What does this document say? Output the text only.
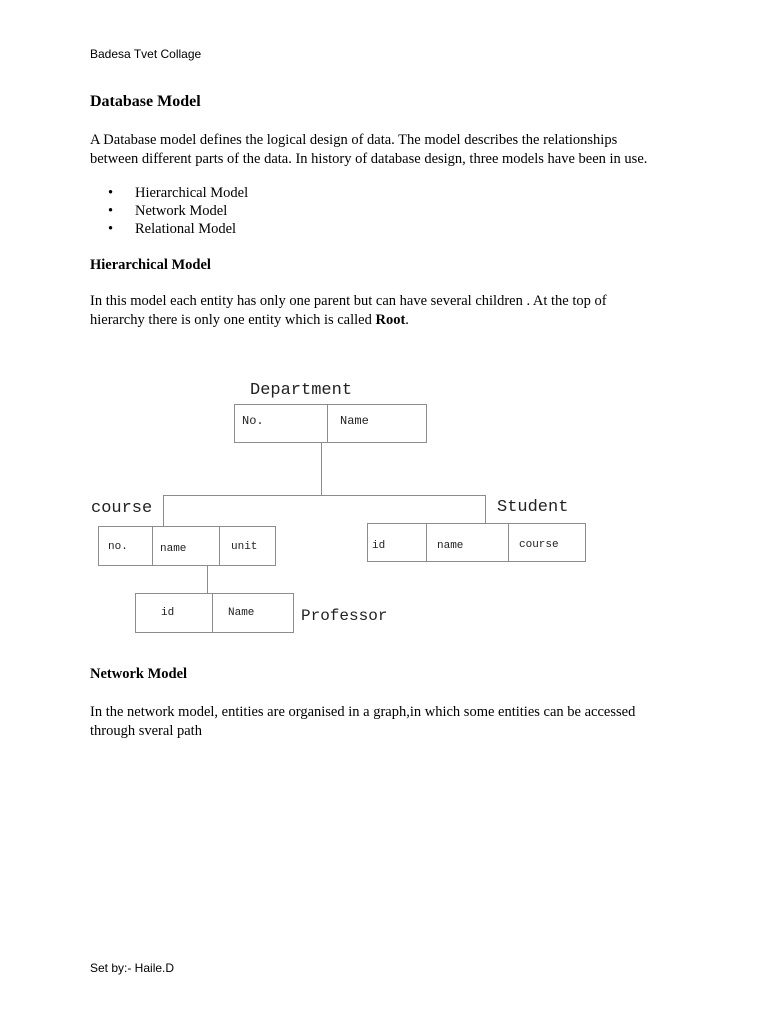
Badesa Tvet Collage
Database Model
A Database model defines the logical design of data. The model describes the relationships
between different parts of the data. In history of database design, three models have been in use.
• Hierarchical Model
• Network Model
• Relational Model
Hierarchical Model
In this model each entity has only one parent but can have several children . At the top of
hierarchy there is only one entity which is called Root.
Department
No.	Name
course
no.	name	unit
Student
id	name	course
id	Name	Professor
Network Model
In the network model, entities are organised in a graph,in which some entities can be accessed
through sveral path
Set by:- Haile.D
